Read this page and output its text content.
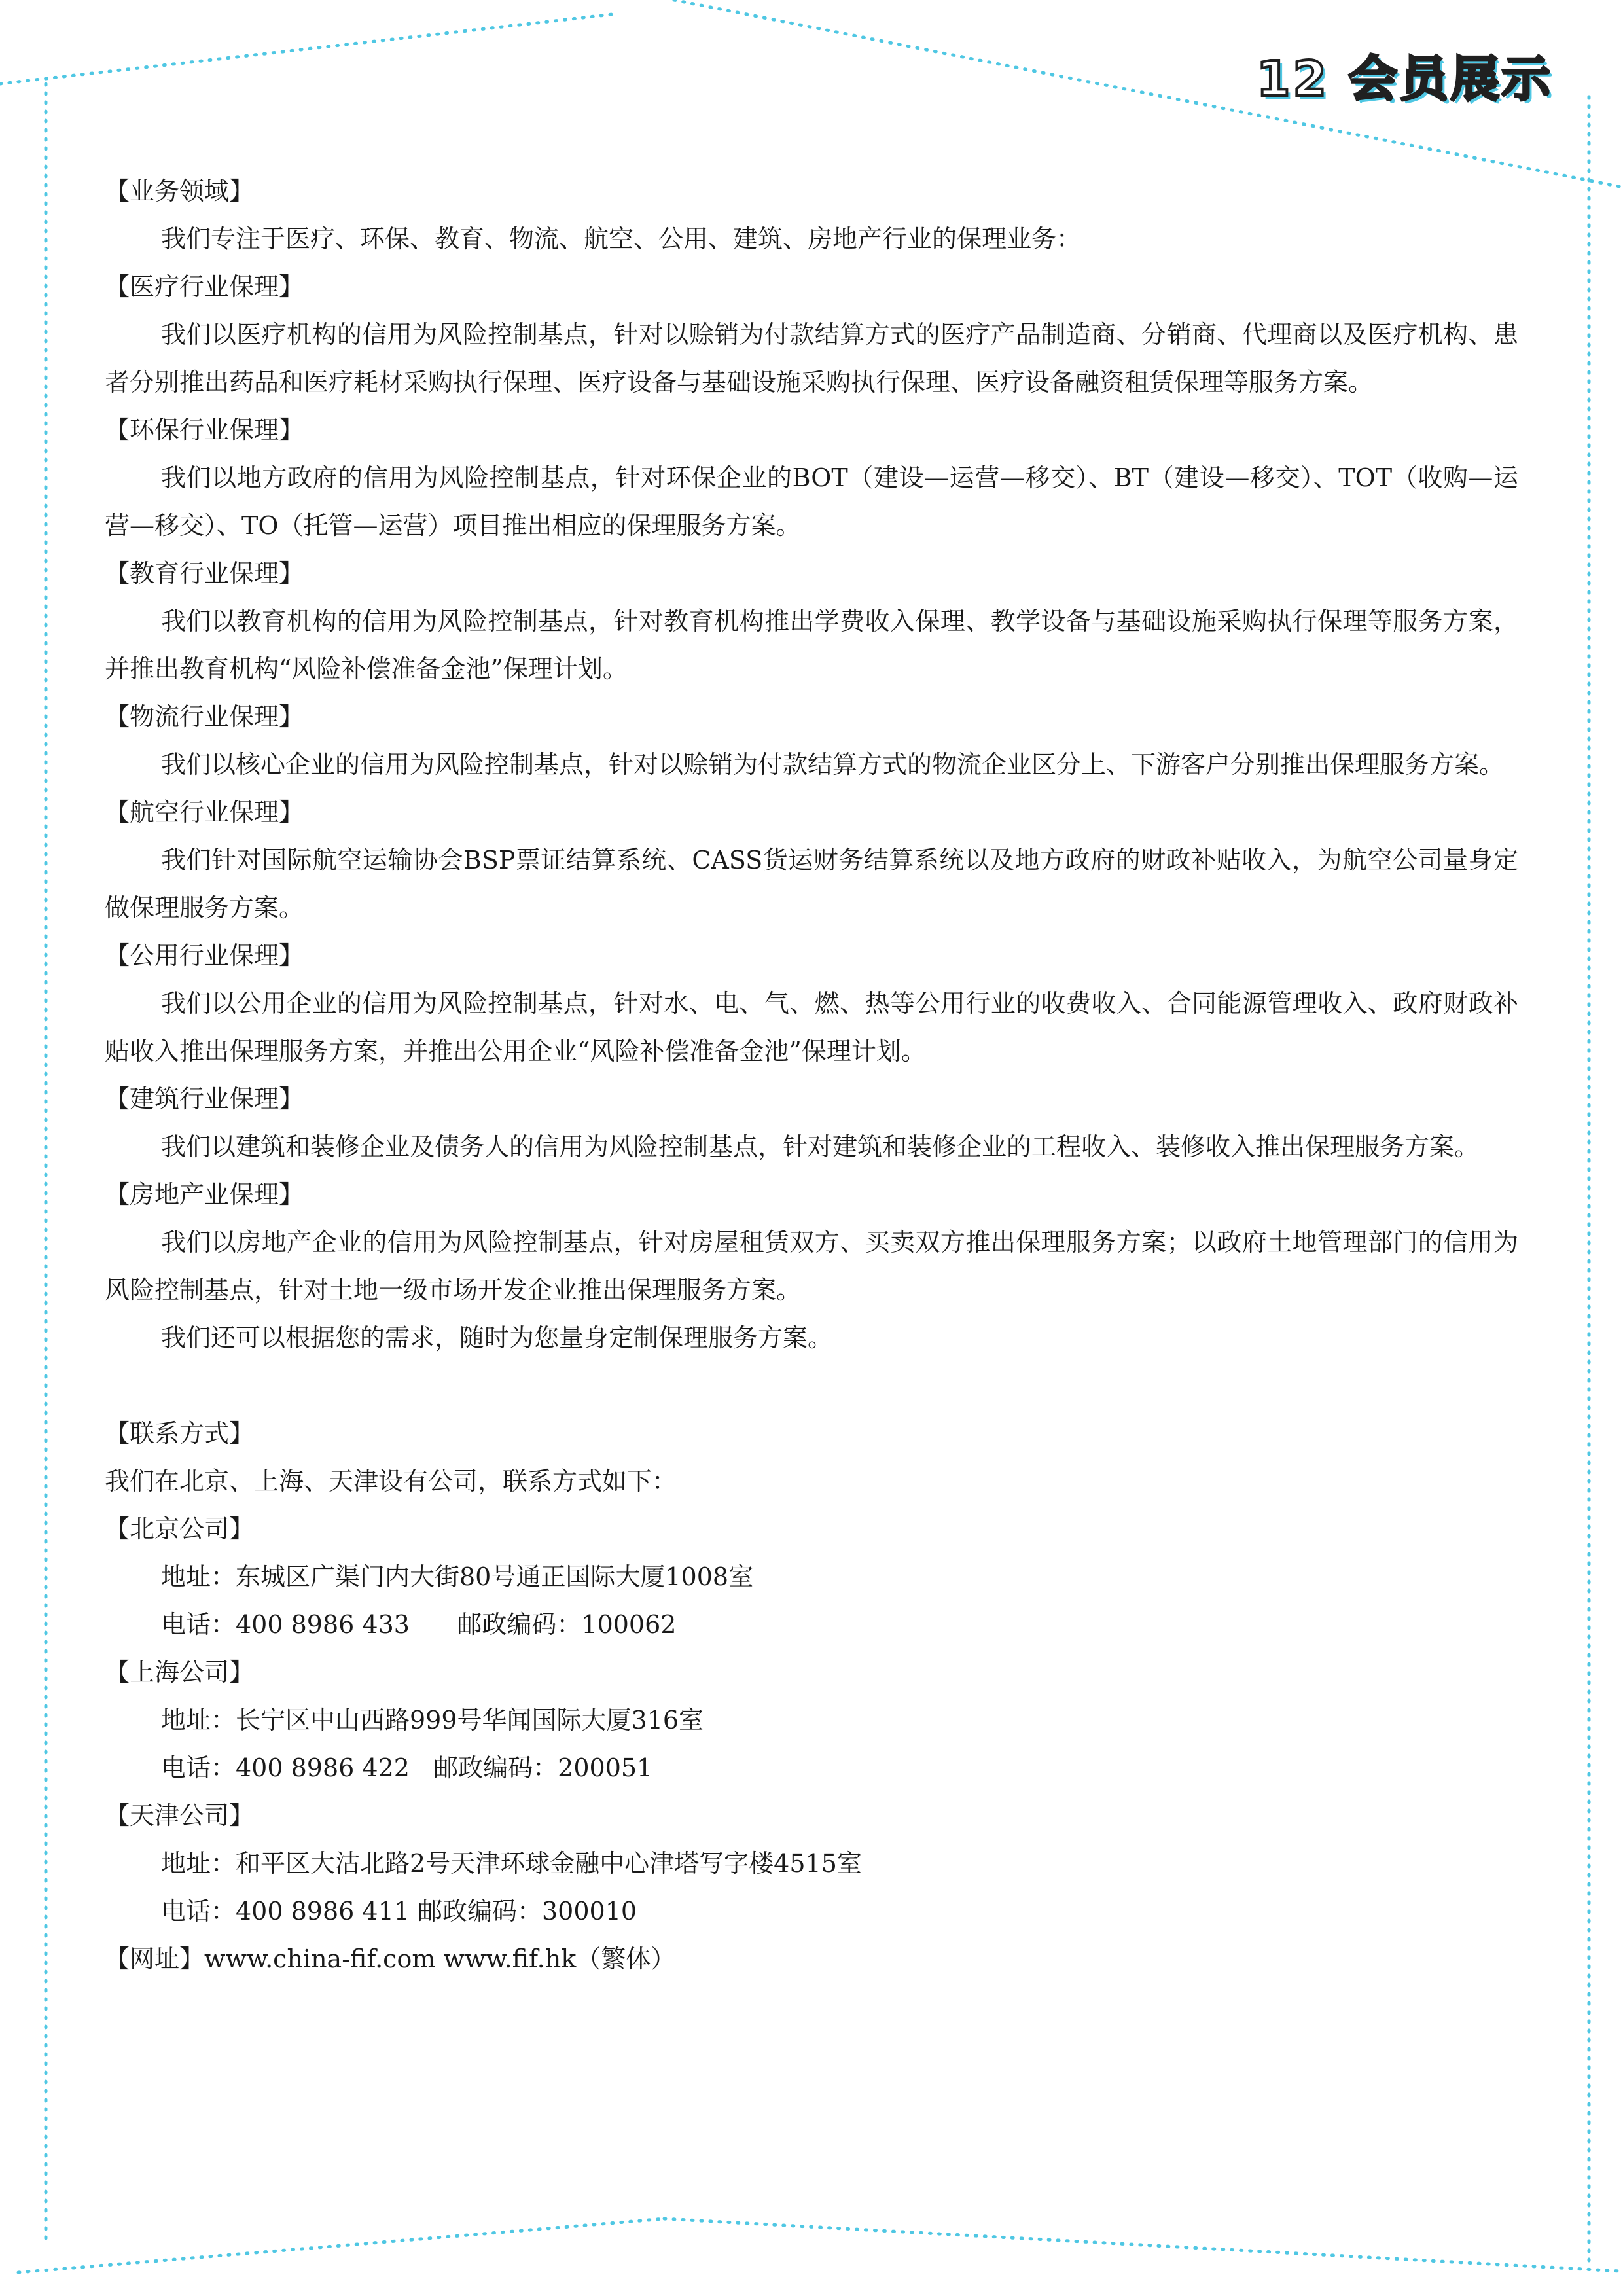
12 会员展示

【业务领域】

我们专注于医疗、环保、教育、物流、航空、公用、建筑、房地产行业的保理业务：

【医疗行业保理】

我们以医疗机构的信用为风险控制基点，针对以赊销为付款结算方式的医疗产品制造商、分销商、代理商以及医疗机构、患者分别推出药品和医疗耗材采购执行保理、医疗设备与基础设施采购执行保理、医疗设备融资租赁保理等服务方案。

【环保行业保理】

我们以地方政府的信用为风险控制基点，针对环保企业的BOT（建设—运营—移交）、BT（建设—移交）、TOT（收购—运营—移交）、TO（托管—运营）项目推出相应的保理服务方案。

【教育行业保理】

我们以教育机构的信用为风险控制基点，针对教育机构推出学费收入保理、教学设备与基础设施采购执行保理等服务方案，并推出教育机构“风险补偿准备金池”保理计划。

【物流行业保理】

我们以核心企业的信用为风险控制基点，针对以赊销为付款结算方式的物流企业区分上、下游客户分别推出保理服务方案。

【航空行业保理】

我们针对国际航空运输协会BSP票证结算系统、CASS货运财务结算系统以及地方政府的财政补贴收入，为航空公司量身定做保理服务方案。

【公用行业保理】

我们以公用企业的信用为风险控制基点，针对水、电、气、燃、热等公用行业的收费收入、合同能源管理收入、政府财政补贴收入推出保理服务方案，并推出公用企业“风险补偿准备金池”保理计划。

【建筑行业保理】

我们以建筑和装修企业及债务人的信用为风险控制基点，针对建筑和装修企业的工程收入、装修收入推出保理服务方案。

【房地产业保理】

我们以房地产企业的信用为风险控制基点，针对房屋租赁双方、买卖双方推出保理服务方案；以政府土地管理部门的信用为风险控制基点，针对土地一级市场开发企业推出保理服务方案。

我们还可以根据您的需求，随时为您量身定制保理服务方案。

【联系方式】

我们在北京、上海、天津设有公司，联系方式如下：

【北京公司】

地址：东城区广渠门内大街80号通正国际大厦1008室

电话：400 8986 433      邮政编码：100062

【上海公司】

地址：长宁区中山西路999号华闻国际大厦316室

电话：400 8986 422   邮政编码：200051

【天津公司】

地址：和平区大沽北路2号天津环球金融中心津塔写字楼4515室

电话：400 8986 411 邮政编码：300010

【网址】www.china-fif.com www.fif.hk（繁体）
